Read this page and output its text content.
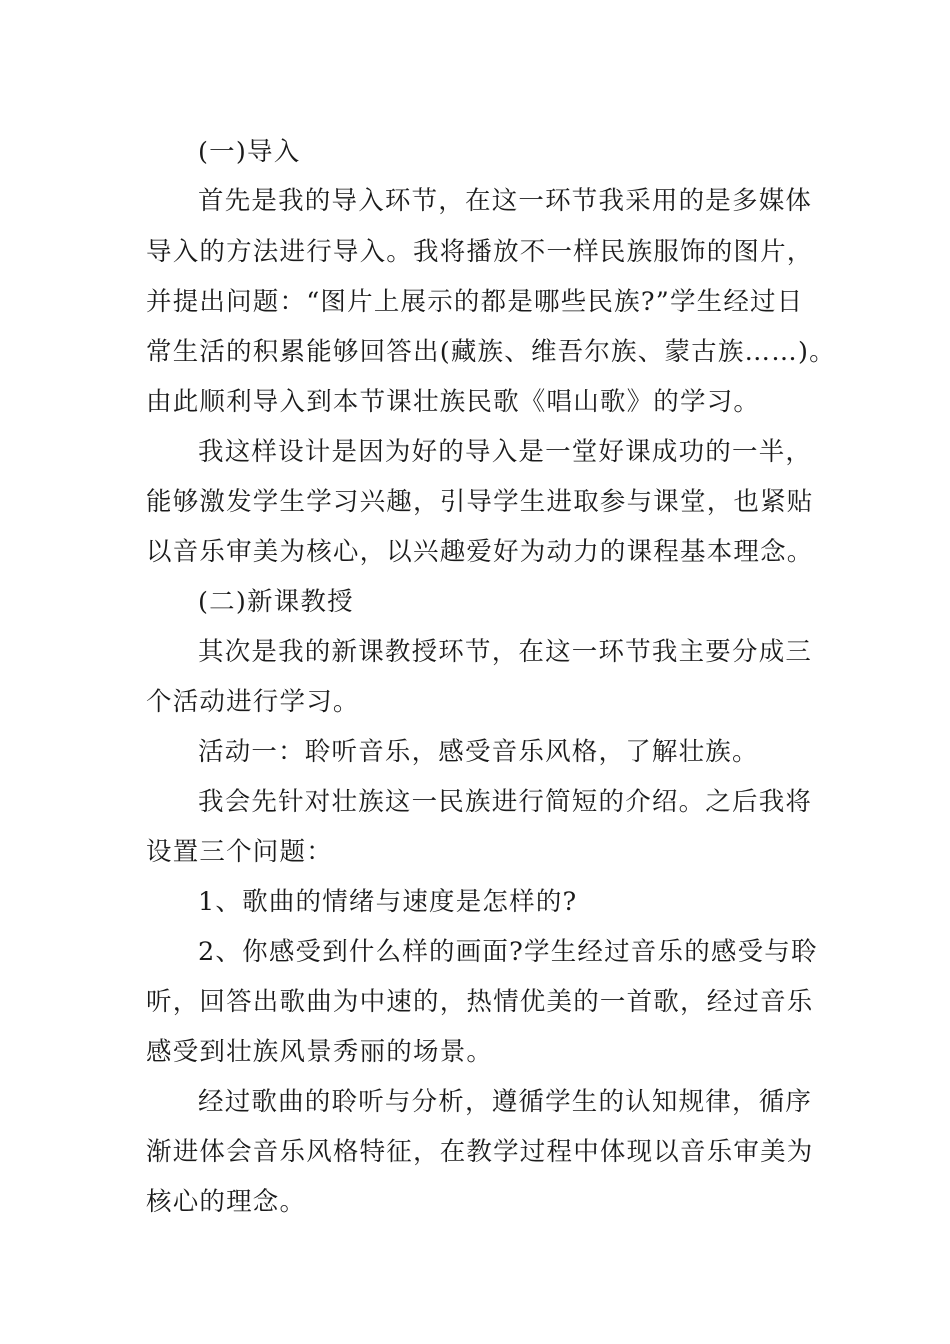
(一)导入
首先是我的导入环节，在这一环节我采用的是多媒体
导入的方法进行导入。我将播放不一样民族服饰的图片，
并提出问题：“图片上展示的都是哪些民族?”学生经过日
常生活的积累能够回答出(藏族、维吾尔族、蒙古族……)。
由此顺利导入到本节课壮族民歌《唱山歌》的学习。
我这样设计是因为好的导入是一堂好课成功的一半，
能够激发学生学习兴趣，引导学生进取参与课堂，也紧贴
以音乐审美为核心，以兴趣爱好为动力的课程基本理念。
(二)新课教授
其次是我的新课教授环节，在这一环节我主要分成三
个活动进行学习。
活动一：聆听音乐，感受音乐风格，了解壮族。
我会先针对壮族这一民族进行简短的介绍。之后我将
设置三个问题：
1、歌曲的情绪与速度是怎样的?
2、你感受到什么样的画面?学生经过音乐的感受与聆
听，回答出歌曲为中速的，热情优美的一首歌，经过音乐
感受到壮族风景秀丽的场景。
经过歌曲的聆听与分析，遵循学生的认知规律，循序
渐进体会音乐风格特征，在教学过程中体现以音乐审美为
核心的理念。
